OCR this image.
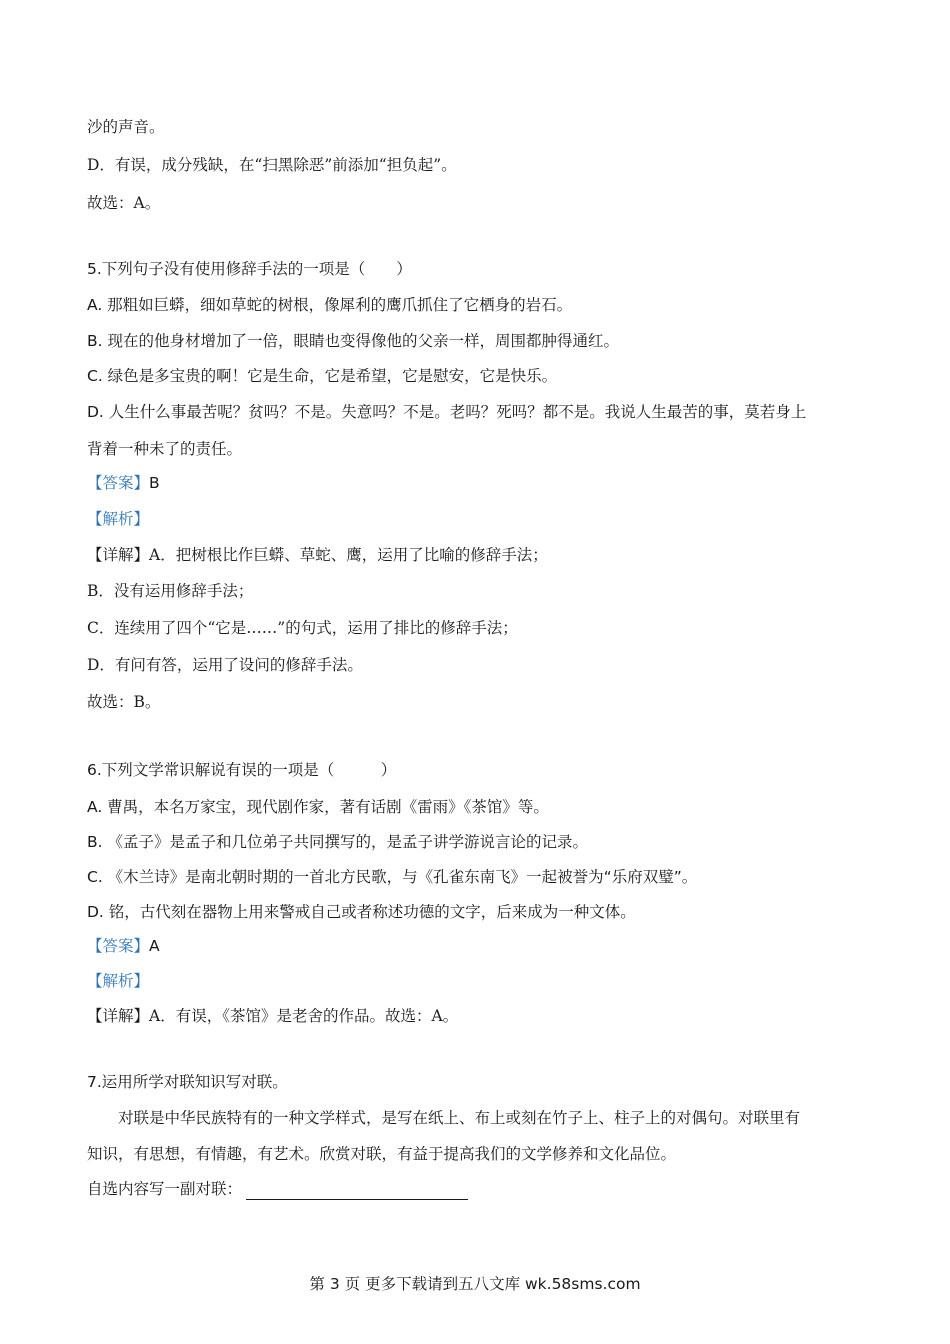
沙的声音。
D．有误，成分残缺，在“扫黑除恶”前添加“担负起”。
故选：A。
5.下列句子没有使用修辞手法的一项是（　　）
A. 那粗如巨蟒，细如草蛇的树根，像犀利的鹰爪抓住了它栖身的岩石。
B. 现在的他身材增加了一倍，眼睛也变得像他的父亲一样，周围都肿得通红。
C. 绿色是多宝贵的啊！它是生命，它是希望，它是慰安，它是快乐。
D. 人生什么事最苦呢？贫吗？不是。失意吗？不是。老吗？死吗？都不是。我说人生最苦的事，莫若身上
背着一种未了的责任。
【答案】B
【解析】
【详解】A．把树根比作巨蟒、草蛇、鹰，运用了比喻的修辞手法；
B．没有运用修辞手法；
C．连续用了四个“它是……”的句式，运用了排比的修辞手法；
D．有问有答，运用了设问的修辞手法。
故选：B。
6.下列文学常识解说有误的一项是（　　　）
A. 曹禺，本名万家宝，现代剧作家，著有话剧《雷雨》《茶馆》等。
B. 《孟子》是孟子和几位弟子共同撰写的，是孟子讲学游说言论的记录。
C. 《木兰诗》是南北朝时期的一首北方民歌，与《孔雀东南飞》一起被誉为“乐府双璧”。
D. 铭，古代刻在器物上用来警戒自己或者称述功德的文字，后来成为一种文体。
【答案】A
【解析】
【详解】A．有误，《茶馆》是老舍的作品。故选：A。
7.运用所学对联知识写对联。
对联是中华民族特有的一种文学样式，是写在纸上、布上或刻在竹子上、柱子上的对偶句。对联里有
知识，有思想，有情趣，有艺术。欣赏对联，有益于提高我们的文学修养和文化品位。
自选内容写一副对联：
第 3 页 更多下载请到五八文库 wk.58sms.com
